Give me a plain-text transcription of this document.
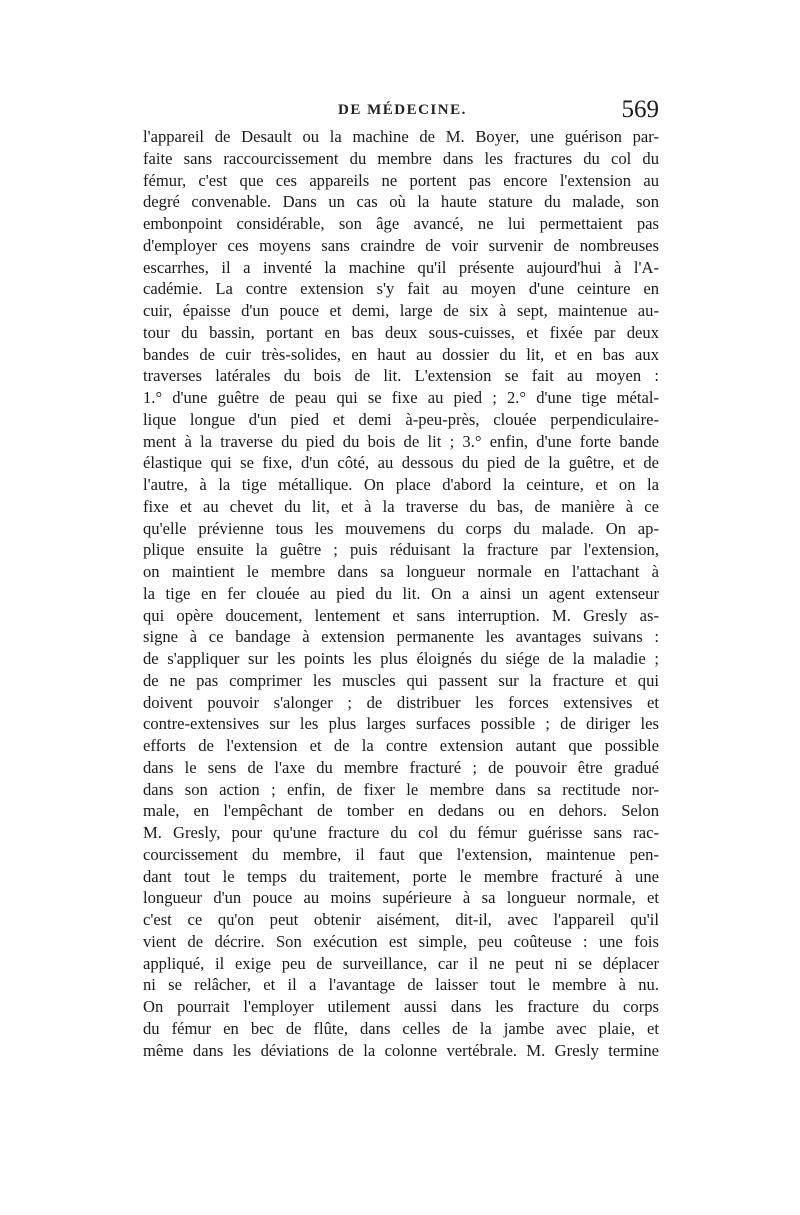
DE MÉDECINE.	569
l'appareil de Desault ou la machine de M. Boyer, une guérison par-
faite sans raccourcissement du membre dans les fractures du col du
fémur, c'est que ces appareils ne portent pas encore l'extension au
degré convenable. Dans un cas où la haute stature du malade, son
embonpoint considérable, son âge avancé, ne lui permettaient pas
d'employer ces moyens sans craindre de voir survenir de nombreuses
escarrhes, il a inventé la machine qu'il présente aujourd'hui à l'A-
cadémie. La contre extension s'y fait au moyen d'une ceinture en
cuir, épaisse d'un pouce et demi, large de six à sept, maintenue au-
tour du bassin, portant en bas deux sous-cuisses, et fixée par deux
bandes de cuir très-solides, en haut au dossier du lit, et en bas aux
traverses latérales du bois de lit. L'extension se fait au moyen :
1.° d'une guêtre de peau qui se fixe au pied ; 2.° d'une tige métal-
lique longue d'un pied et demi à-peu-près, clouée perpendiculaire-
ment à la traverse du pied du bois de lit ; 3.° enfin, d'une forte bande
élastique qui se fixe, d'un côté, au dessous du pied de la guêtre, et de
l'autre, à la tige métallique. On place d'abord la ceinture, et on la
fixe et au chevet du lit, et à la traverse du bas, de manière à ce
qu'elle prévienne tous les mouvemens du corps du malade. On ap-
plique ensuite la guêtre ; puis réduisant la fracture par l'extension,
on maintient le membre dans sa longueur normale en l'attachant à
la tige en fer clouée au pied du lit. On a ainsi un agent extenseur
qui opère doucement, lentement et sans interruption. M. Gresly as-
signe à ce bandage à extension permanente les avantages suivans :
de s'appliquer sur les points les plus éloignés du siége de la maladie ;
de ne pas comprimer les muscles qui passent sur la fracture et qui
doivent pouvoir s'alonger ; de distribuer les forces extensives et
contre-extensives sur les plus larges surfaces possible ; de diriger les
efforts de l'extension et de la contre extension autant que possible
dans le sens de l'axe du membre fracturé ; de pouvoir être gradué
dans son action ; enfin, de fixer le membre dans sa rectitude nor-
male, en l'empêchant de tomber en dedans ou en dehors. Selon
M. Gresly, pour qu'une fracture du col du fémur guérisse sans rac-
courcissement du membre, il faut que l'extension, maintenue pen-
dant tout le temps du traitement, porte le membre fracturé à une
longueur d'un pouce au moins supérieure à sa longueur normale, et
c'est ce qu'on peut obtenir aisément, dit-il, avec l'appareil qu'il
vient de décrire. Son exécution est simple, peu coûteuse : une fois
appliqué, il exige peu de surveillance, car il ne peut ni se déplacer
ni se relâcher, et il a l'avantage de laisser tout le membre à nu.
On pourrait l'employer utilement aussi dans les fracture du corps
du fémur en bec de flûte, dans celles de la jambe avec plaie, et
même dans les déviations de la colonne vertébrale. M. Gresly termine
